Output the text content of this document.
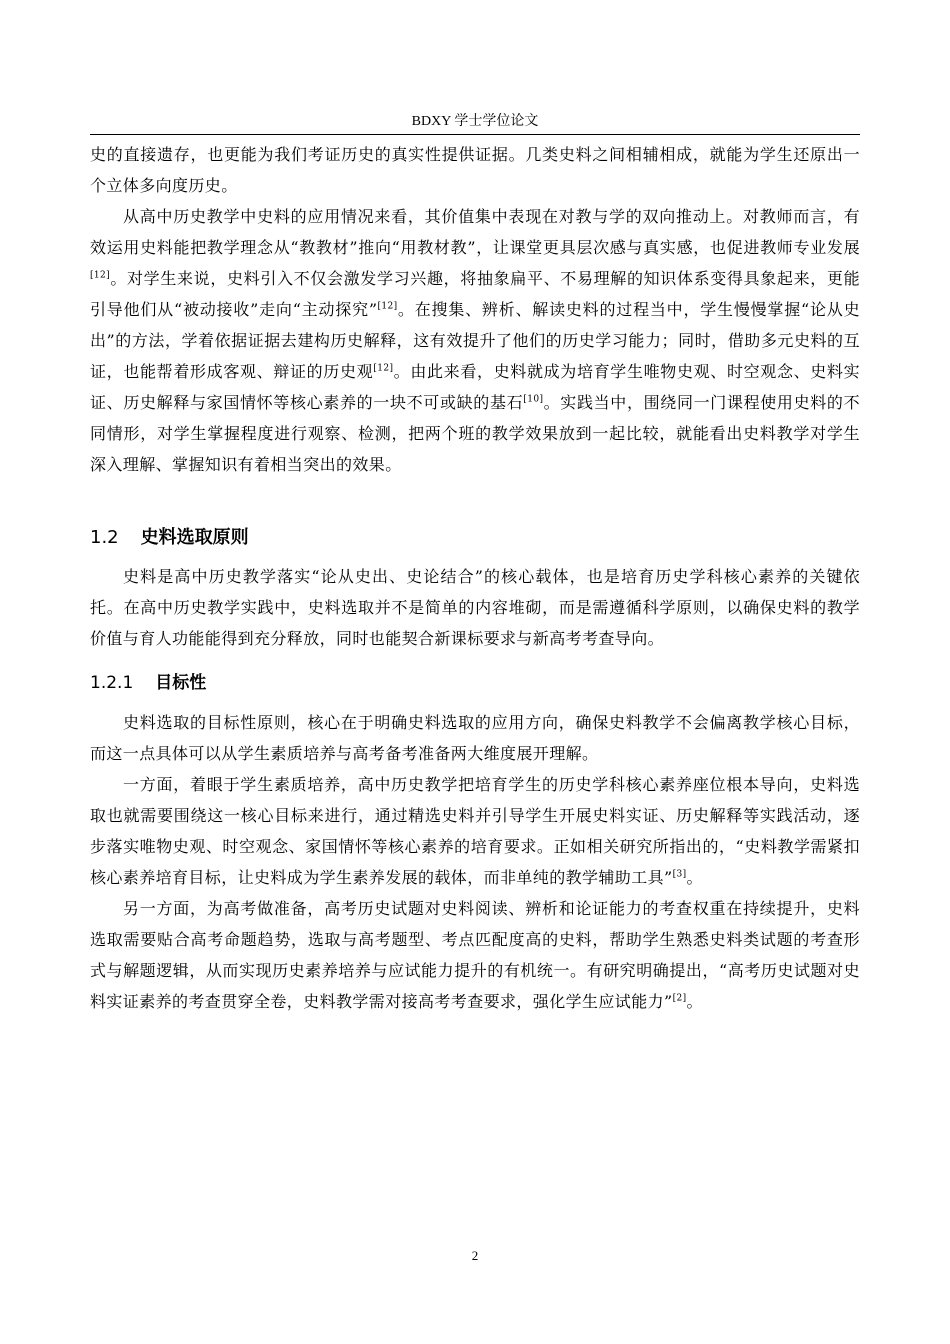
BDXY 学士学位论文

史的直接遗存，也更能为我们考证历史的真实性提供证据。几类史料之间相辅相成，就能为学生还原出一个立体多向度历史。

从高中历史教学中史料的应用情况来看，其价值集中表现在对教与学的双向推动上。对教师而言，有效运用史料能把教学理念从“教教材”推向“用教材教”，让课堂更具层次感与真实感，也促进教师专业发展[12]。对学生来说，史料引入不仅会激发学习兴趣，将抽象扁平、不易理解的知识体系变得具象起来，更能引导他们从“被动接收”走向“主动探究”[12]。在搜集、辨析、解读史料的过程当中，学生慢慢掌握“论从史出”的方法，学着依据证据去建构历史解释，这有效提升了他们的历史学习能力；同时，借助多元史料的互证，也能帮着形成客观、辩证的历史观[12]。由此来看，史料就成为培育学生唯物史观、时空观念、史料实证、历史解释与家国情怀等核心素养的一块不可或缺的基石[10]。实践当中，围绕同一门课程使用史料的不同情形，对学生掌握程度进行观察、检测，把两个班的教学效果放到一起比较，就能看出史料教学对学生深入理解、掌握知识有着相当突出的效果。

1.2 史料选取原则

史料是高中历史教学落实“论从史出、史论结合”的核心载体，也是培育历史学科核心素养的关键依托。在高中历史教学实践中，史料选取并不是简单的内容堆砌，而是需遵循科学原则，以确保史料的教学价值与育人功能能得到充分释放，同时也能契合新课标要求与新高考考查导向。

1.2.1 目标性

史料选取的目标性原则，核心在于明确史料选取的应用方向，确保史料教学不会偏离教学核心目标，而这一点具体可以从学生素质培养与高考备考准备两大维度展开理解。

一方面，着眼于学生素质培养，高中历史教学把培育学生的历史学科核心素养座位根本导向，史料选取也就需要围绕这一核心目标来进行，通过精选史料并引导学生开展史料实证、历史解释等实践活动，逐步落实唯物史观、时空观念、家国情怀等核心素养的培育要求。正如相关研究所指出的，“史料教学需紧扣核心素养培育目标，让史料成为学生素养发展的载体，而非单纯的教学辅助工具”[3]。

另一方面，为高考做准备，高考历史试题对史料阅读、辨析和论证能力的考查权重在持续提升，史料选取需要贴合高考命题趋势，选取与高考题型、考点匹配度高的史料，帮助学生熟悉史料类试题的考查形式与解题逻辑，从而实现历史素养培养与应试能力提升的有机统一。有研究明确提出，“高考历史试题对史料实证素养的考查贯穿全卷，史料教学需对接高考考查要求，强化学生应试能力”[2]。

2
